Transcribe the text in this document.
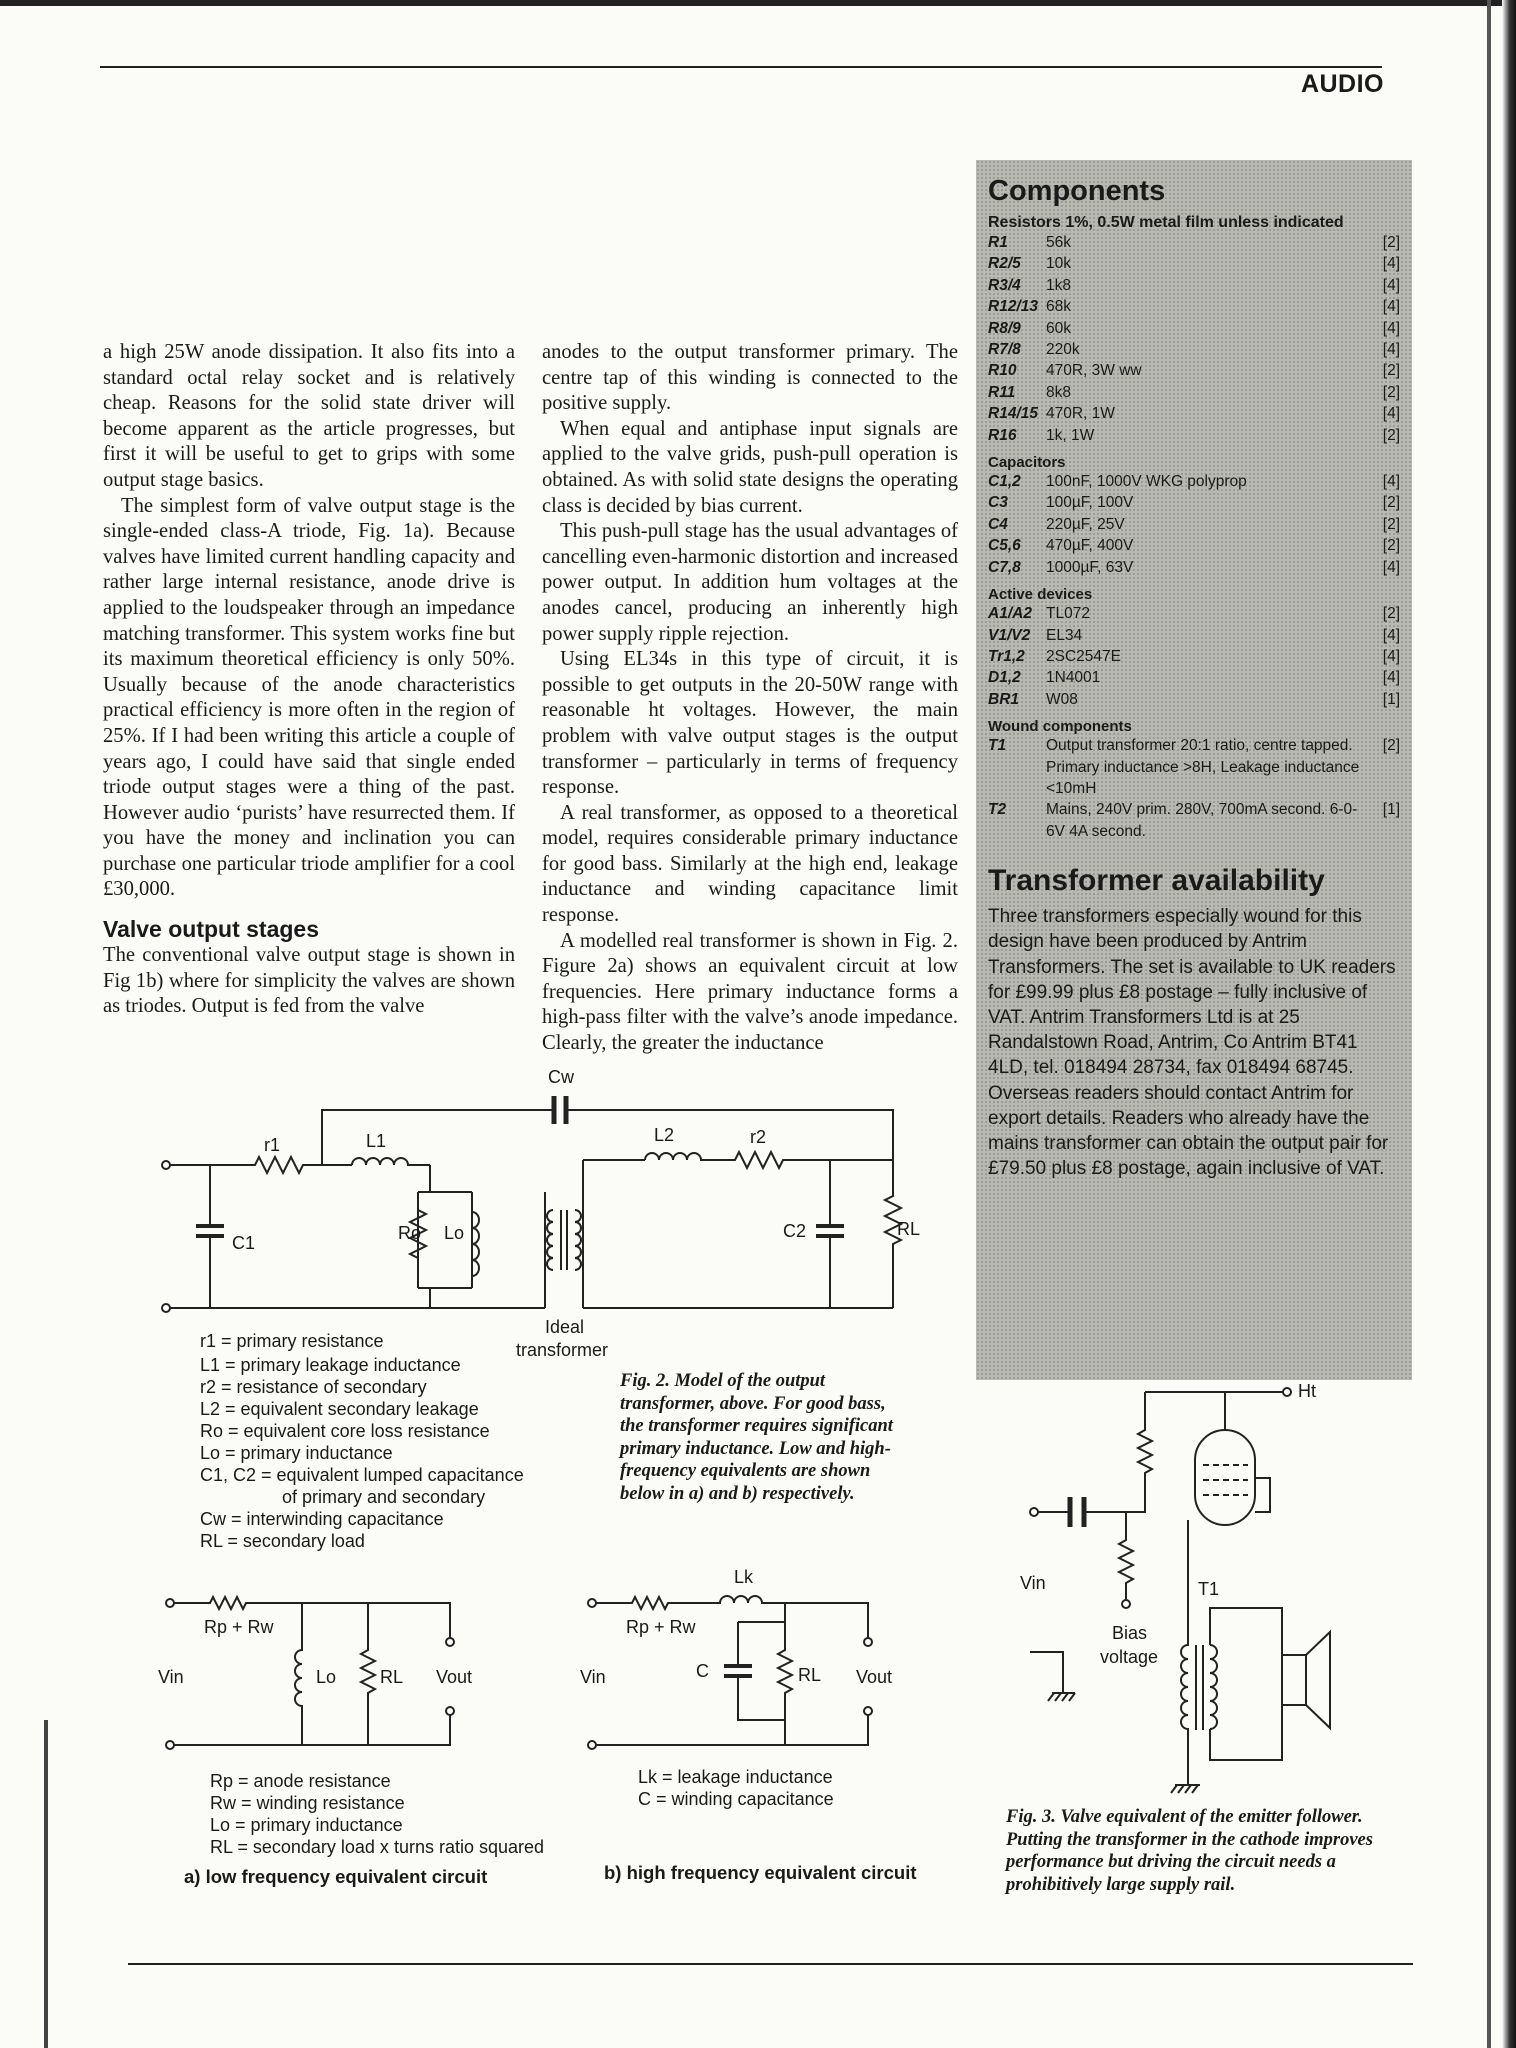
AUDIO

a high 25W anode dissipation. It also fits into a standard octal relay socket and is relatively cheap. Reasons for the solid state driver will become apparent as the article progresses, but first it will be useful to get to grips with some output stage basics.

The simplest form of valve output stage is the single-ended class-A triode, Fig. 1a). Because valves have limited current handling capacity and rather large internal resistance, anode drive is applied to the loudspeaker through an impedance matching transformer. This system works fine but its maximum theoretical efficiency is only 50%. Usually because of the anode characteristics practical efficiency is more often in the region of 25%. If I had been writing this article a couple of years ago, I could have said that single ended triode output stages were a thing of the past. However audio ‘purists’ have resurrected them. If you have the money and inclination you can purchase one particular triode amplifier for a cool £30,000.

Valve output stages

The conventional valve output stage is shown in Fig 1b) where for simplicity the valves are shown as triodes. Output is fed from the valve

anodes to the output transformer primary. The centre tap of this winding is connected to the positive supply.

When equal and antiphase input signals are applied to the valve grids, push-pull operation is obtained. As with solid state designs the operating class is decided by bias current.

This push-pull stage has the usual advantages of cancelling even-harmonic distortion and increased power output. In addition hum voltages at the anodes cancel, producing an inherently high power supply ripple rejection.

Using EL34s in this type of circuit, it is possible to get outputs in the 20-50W range with reasonable ht voltages. However, the main problem with valve output stages is the output transformer – particularly in terms of frequency response.

A real transformer, as opposed to a theoretical model, requires considerable primary inductance for good bass. Similarly at the high end, leakage inductance and winding capacitance limit response.

A modelled real transformer is shown in Fig. 2. Figure 2a) shows an equivalent circuit at low frequencies. Here primary inductance forms a high-pass filter with the valve’s anode impedance. Clearly, the greater the inductance

Components
Resistors 1%, 0.5W metal film unless indicated
R1	56k	[2]
R2/5	10k	[4]
R3/4	1k8	[4]
R12/13	68k	[4]
R8/9	60k	[4]
R7/8	220k	[4]
R10	470R, 3W ww	[2]
R11	8k8	[2]
R14/15	470R, 1W	[4]
R16	1k, 1W	[2]
Capacitors
C1,2	100nF, 1000V WKG polyprop	[4]
C3	100µF, 100V	[2]
C4	220µF, 25V	[2]
C5,6	470µF, 400V	[2]
C7,8	1000µF, 63V	[4]
Active devices
A1/A2	TL072	[2]
V1/V2	EL34	[4]
Tr1,2	2SC2547E	[4]
D1,2	1N4001	[4]
BR1	W08	[1]
Wound components
T1	Output transformer 20:1 ratio, centre tapped. Primary inductance >8H, Leakage inductance <10mH	[2]
T2	Mains, 240V prim. 280V, 700mA second. 6-0-6V 4A second.	[1]
Transformer availability

Three transformers especially wound for this design have been produced by Antrim Transformers. The set is available to UK readers for £99.99 plus £8 postage – fully inclusive of VAT. Antrim Transformers Ltd is at 25 Randalstown Road, Antrim, Co Antrim BT41 4LD, tel. 018494 28734, fax 018494 68745. Overseas readers should contact Antrim for export details. Readers who already have the mains transformer can obtain the output pair for £79.50 plus £8 postage, again inclusive of VAT.

Cw
r1	L1	L2	r2
C1	Ro Lo	C2	RL
Ideal
transformer
r1 = primary resistance
L1 = primary leakage inductance
r2 = resistance of secondary
L2 = equivalent secondary leakage
Ro = equivalent core loss resistance
Lo = primary inductance
C1, C2 = equivalent lumped capacitance
of primary and secondary
Cw = interwinding capacitance
RL = secondary load
Fig. 2. Model of the output transformer, above. For good bass, the transformer requires significant primary inductance. Low and high-frequency equivalents are shown below in a) and b) respectively.
Rp + Rw
Vin	Lo RL Vout
Rp = anode resistance
Rw = winding resistance
Lo = primary inductance
RL = secondary load x turns ratio squared
a) low frequency equivalent circuit
Lk
Rp + Rw
Vin	C	RL Vout
Lk = leakage inductance
C = winding capacitance
b) high frequency equivalent circuit
Ht
Vin
Bias
voltage
T1
Fig. 3. Valve equivalent of the emitter follower. Putting the transformer in the cathode improves performance but driving the circuit needs a prohibitively large supply rail.
